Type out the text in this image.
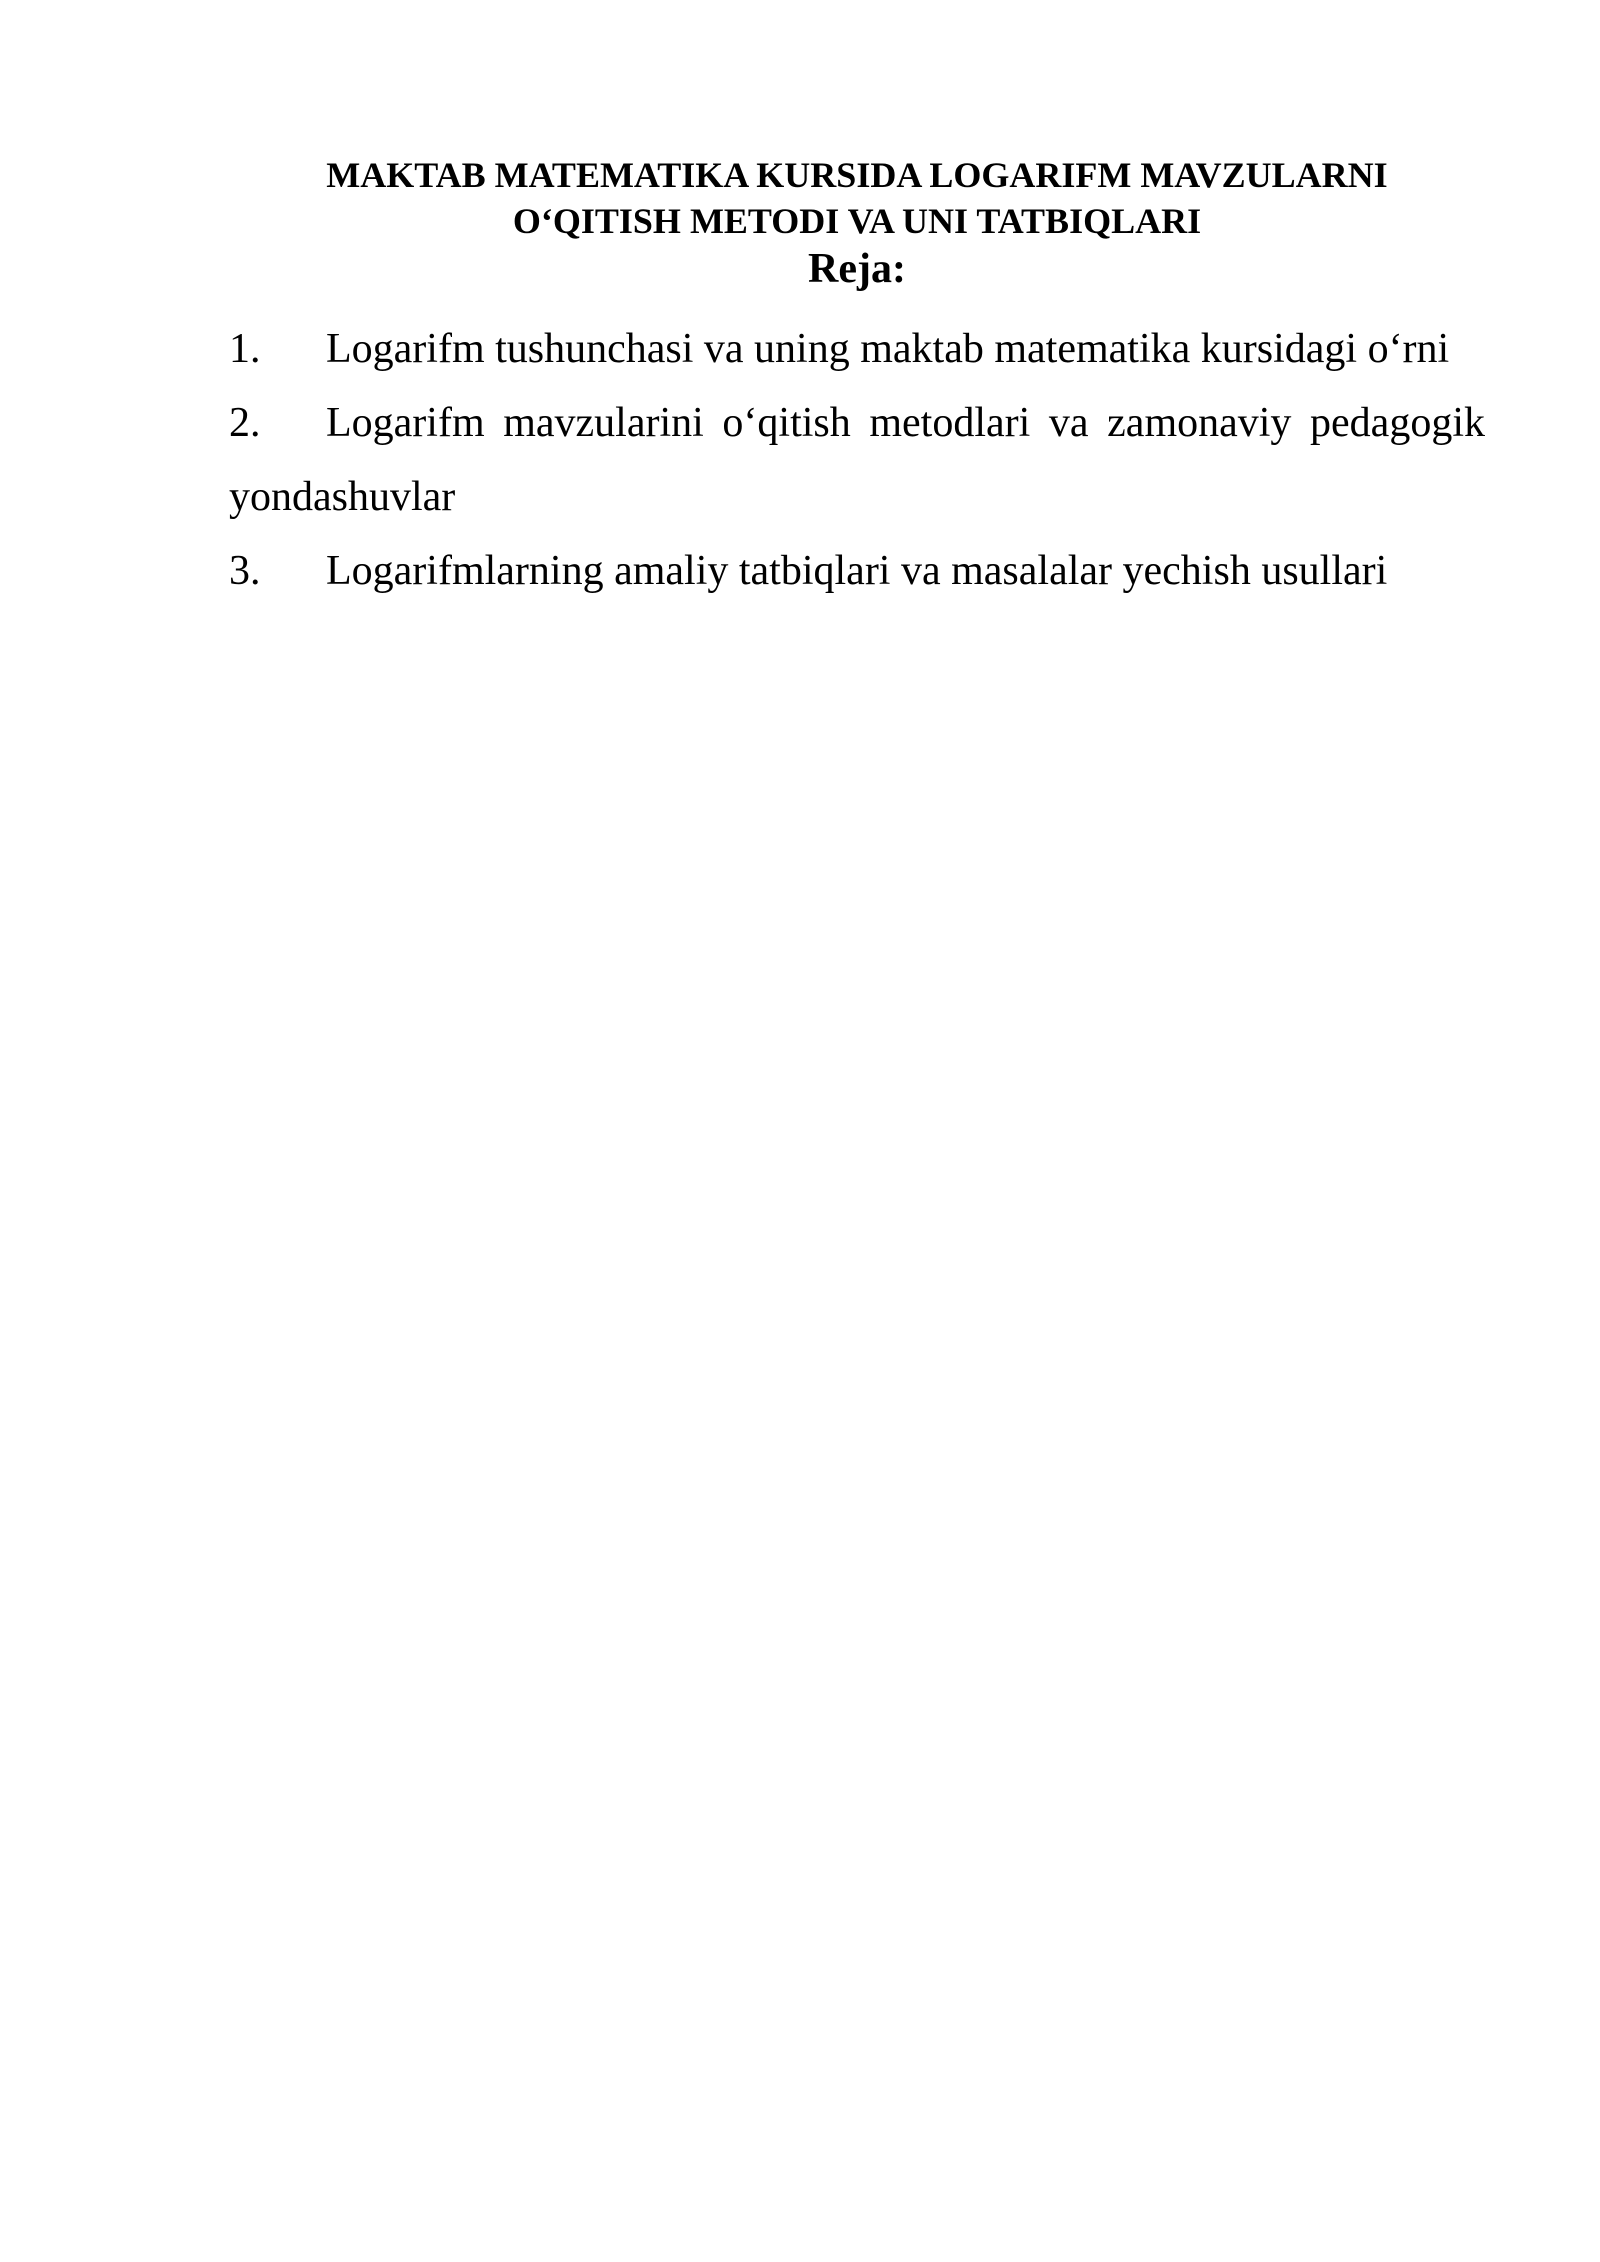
MAKTAB MATEMATIKA KURSIDA LOGARIFM MAVZULARNI
O‘QITISH METODI VA UNI TATBIQLARI
Reja:
1. Logarifm tushunchasi va uning maktab matematika kursidagi o‘rni
2. Logarifm mavzularini o‘qitish metodlari va zamonaviy pedagogik yondashuvlar
3. Logarifmlarning amaliy tatbiqlari va masalalar yechish usullari
